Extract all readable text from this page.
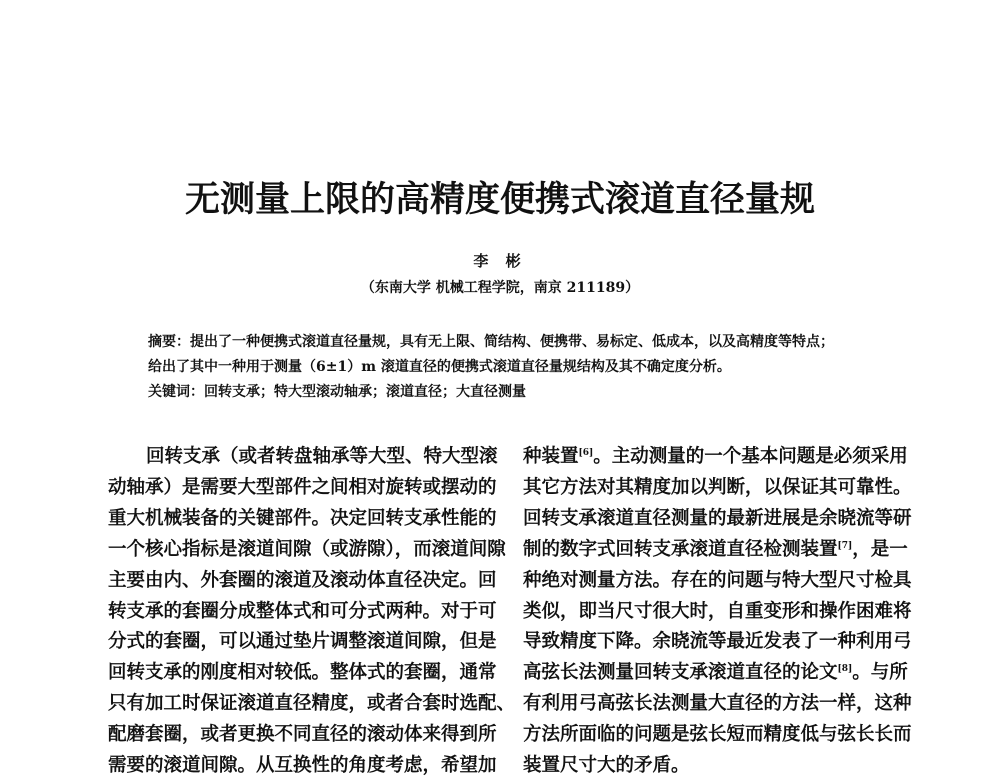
无测量上限的高精度便携式滚道直径量规
李 彬
（东南大学 机械工程学院，南京 211189）
摘要：提出了一种便携式滚道直径量规，具有无上限、简结构、便携带、易标定、低成本，以及高精度等特点；
给出了其中一种用于测量（6±1）m 滚道直径的便携式滚道直径量规结构及其不确定度分析。
关键词：回转支承；特大型滚动轴承；滚道直径；大直径测量
回转支承（或者转盘轴承等大型、特大型滚
动轴承）是需要大型部件之间相对旋转或摆动的
重大机械装备的关键部件。决定回转支承性能的
一个核心指标是滚道间隙（或游隙），而滚道间隙
主要由内、外套圈的滚道及滚动体直径决定。回
转支承的套圈分成整体式和可分式两种。对于可
分式的套圈，可以通过垫片调整滚道间隙，但是
回转支承的刚度相对较低。整体式的套圈，通常
只有加工时保证滚道直径精度，或者合套时选配、
配磨套圈，或者更换不同直径的滚动体来得到所
需要的滚道间隙。从互换性的角度考虑，希望加
种装置[6]。主动测量的一个基本问题是必须采用
其它方法对其精度加以判断，以保证其可靠性。
回转支承滚道直径测量的最新进展是余晓流等研
制的数字式回转支承滚道直径检测装置[7]，是一
种绝对测量方法。存在的问题与特大型尺寸检具
类似，即当尺寸很大时，自重变形和操作困难将
导致精度下降。余晓流等最近发表了一种利用弓
高弦长法测量回转支承滚道直径的论文[8]。与所
有利用弓高弦长法测量大直径的方法一样，这种
方法所面临的问题是弦长短而精度低与弦长长而
装置尺寸大的矛盾。
